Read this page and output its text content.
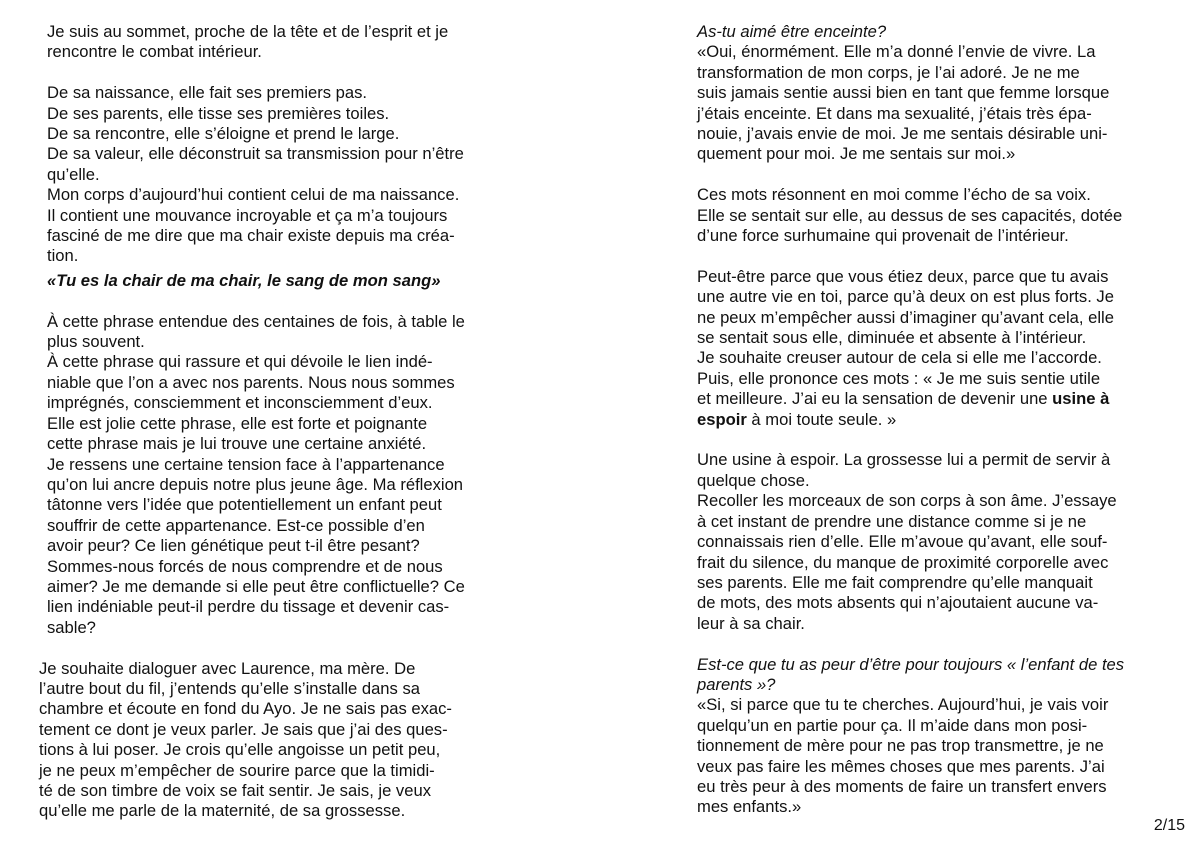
Je suis au sommet, proche de la tête et de l’esprit et je
rencontre le combat intérieur.

De sa naissance, elle fait ses premiers pas.
De ses parents, elle tisse ses premières toiles.
De sa rencontre, elle s’éloigne et prend le large.
De sa valeur, elle déconstruit sa transmission pour n’être
qu’elle.
Mon corps d’aujourd’hui contient celui de ma naissance.
Il contient une mouvance incroyable et ça m’a toujours
fasciné de me dire que ma chair existe depuis ma créa-
tion.

«Tu es la chair de ma chair, le sang de mon sang»

À cette phrase entendue des centaines de fois, à table le
plus souvent.
À cette phrase qui rassure et qui dévoile le lien indé-
niable que l’on a avec nos parents. Nous nous sommes
imprégnés, consciemment et inconsciemment d’eux.
Elle est jolie cette phrase, elle est forte et poignante
cette phrase mais je lui trouve une certaine anxiété.
Je ressens une certaine tension face à l’appartenance
qu’on lui ancre depuis notre plus jeune âge. Ma réflexion
tâtonne vers l’idée que potentiellement un enfant peut
souffrir de cette appartenance. Est-ce possible d’en
avoir peur? Ce lien génétique peut t-il être pesant?
Sommes-nous forcés de nous comprendre et de nous
aimer? Je me demande si elle peut être conflictuelle? Ce
lien indéniable peut-il perdre du tissage et devenir cas-
sable?

Je souhaite dialoguer avec Laurence, ma mère. De
l’autre bout du fil, j’entends qu’elle s’installe dans sa
chambre et écoute en fond du Ayo. Je ne sais pas exac-
tement ce dont je veux parler. Je sais que j’ai des ques-
tions à lui poser. Je crois qu’elle angoisse un petit peu,
je ne peux m’empêcher de sourire parce que la timidi-
té de son timbre de voix se fait sentir. Je sais, je veux
qu’elle me parle de la maternité, de sa grossesse.

As-tu aimé être enceinte?

«Oui, énormément. Elle m’a donné l’envie de vivre. La
transformation de mon corps, je l’ai adoré. Je ne me
suis jamais sentie aussi bien en tant que femme lorsque
j’étais enceinte. Et dans ma sexualité, j’étais très épa-
nouie, j’avais envie de moi. Je me sentais désirable uni-
quement pour moi. Je me sentais sur moi.»

Ces mots résonnent en moi comme l’écho de sa voix.
Elle se sentait sur elle, au dessus de ses capacités, dotée
d’une force surhumaine qui provenait de l’intérieur.

Peut-être parce que vous étiez deux, parce que tu avais
une autre vie en toi, parce qu’à deux on est plus forts. Je
ne peux m’empêcher aussi d’imaginer qu’avant cela, elle
se sentait sous elle, diminuée et absente à l’intérieur.
Je souhaite creuser autour de cela si elle me l’accorde.
Puis, elle prononce ces mots : « Je me suis sentie utile
et meilleure. J’ai eu la sensation de devenir une usine à
espoir à moi toute seule. »

Une usine à espoir. La grossesse lui a permit de servir à
quelque chose.
Recoller les morceaux de son corps à son âme. J’essaye
à cet instant de prendre une distance comme si je ne
connaissais rien d’elle. Elle m’avoue qu’avant, elle souf-
frait du silence, du manque de proximité corporelle avec
ses parents. Elle me fait comprendre qu’elle manquait
de mots, des mots absents qui n’ajoutaient aucune va-
leur à sa chair.

Est-ce que tu as peur d’être pour toujours « l’enfant de tes
parents »?

«Si, si parce que tu te cherches. Aujourd’hui, je vais voir
quelqu’un en partie pour ça. Il m’aide dans mon posi-
tionnement de mère pour ne pas trop transmettre, je ne
veux pas faire les mêmes choses que mes parents. J’ai
eu très peur à des moments de faire un transfert envers
mes enfants.»

2/15
